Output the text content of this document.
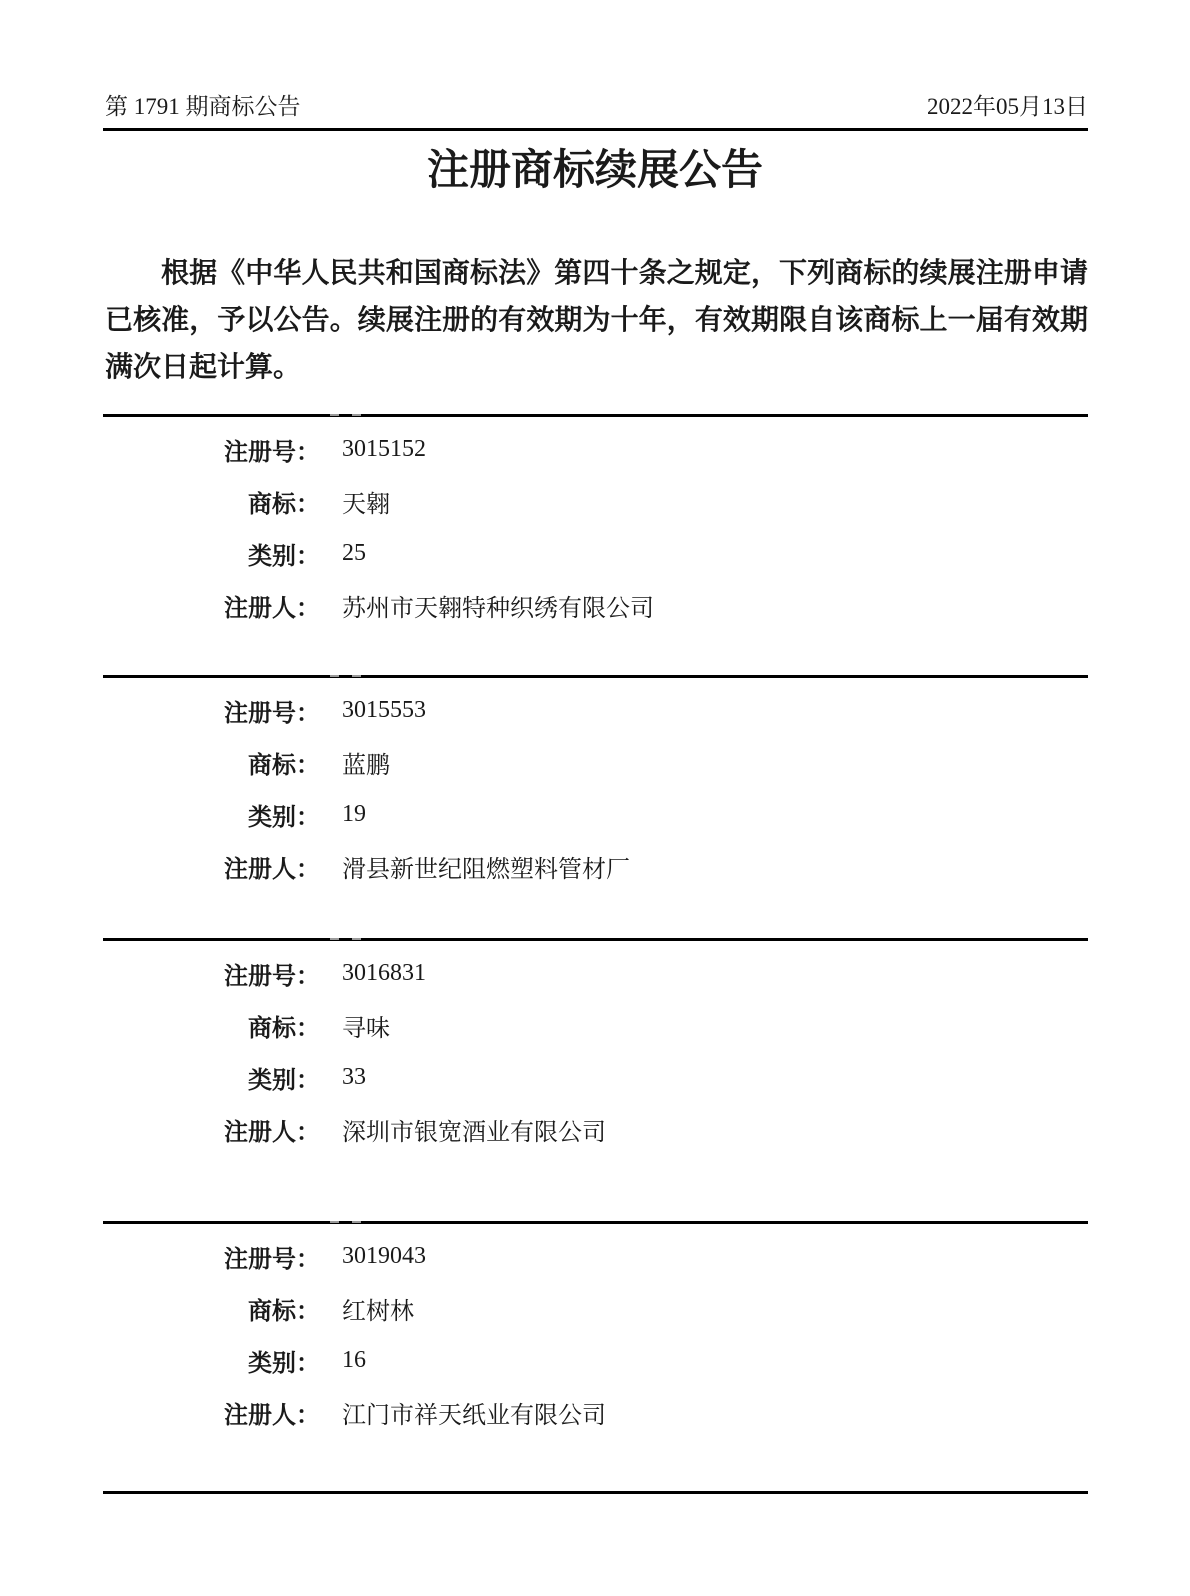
第 1791 期商标公告	2022年05月13日
注册商标续展公告

根据《中华人民共和国商标法》第四十条之规定，下列商标的续展注册申请已核准，予以公告。续展注册的有效期为十年，有效期限自该商标上一届有效期满次日起计算。

注册号： 3015152
商标： 天翱
类别： 25
注册人： 苏州市天翱特种织绣有限公司
注册号： 3015553
商标： 蓝鹏
类别： 19
注册人： 滑县新世纪阻燃塑料管材厂
注册号： 3016831
商标： 寻味
类别： 33
注册人： 深圳市银宽酒业有限公司
注册号： 3019043
商标： 红树林
类别： 16
注册人： 江门市祥天纸业有限公司
